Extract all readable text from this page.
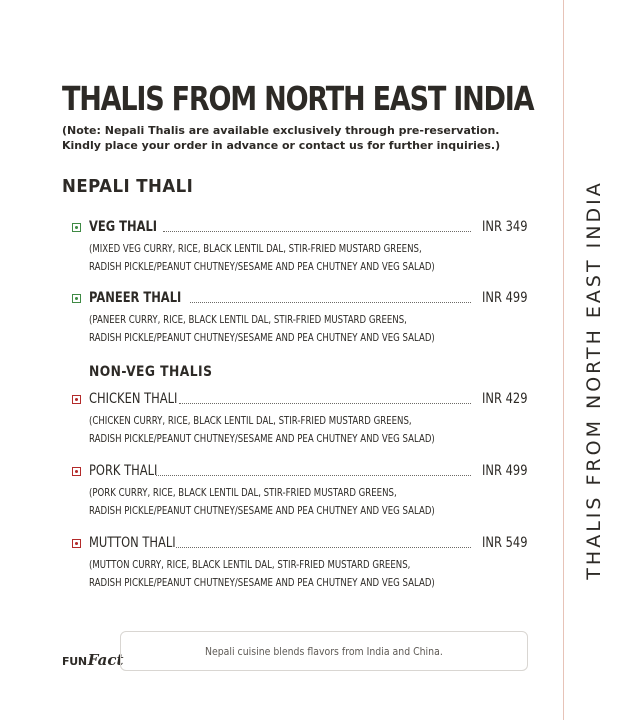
THALIS FROM NORTH EAST INDIA
THALIS FROM NORTH EAST INDIA
(Note: Nepali Thalis are available exclusively through pre-reservation. Kindly place your order in advance or contact us for further inquiries.)
NEPALI THALI
VEG THALI	INR 349
(MIXED VEG CURRY, RICE, BLACK LENTIL DAL, STIR-FRIED MUSTARD GREENS,
RADISH PICKLE/PEANUT CHUTNEY/SESAME AND PEA CHUTNEY AND VEG SALAD)
PANEER THALI	INR 499
(PANEER CURRY, RICE, BLACK LENTIL DAL, STIR-FRIED MUSTARD GREENS,
RADISH PICKLE/PEANUT CHUTNEY/SESAME AND PEA CHUTNEY AND VEG SALAD)
NON-VEG THALIS
CHICKEN THALI	INR 429
(CHICKEN CURRY, RICE, BLACK LENTIL DAL, STIR-FRIED MUSTARD GREENS,
RADISH PICKLE/PEANUT CHUTNEY/SESAME AND PEA CHUTNEY AND VEG SALAD)
PORK THALI	INR 499
(PORK CURRY, RICE, BLACK LENTIL DAL, STIR-FRIED MUSTARD GREENS,
RADISH PICKLE/PEANUT CHUTNEY/SESAME AND PEA CHUTNEY AND VEG SALAD)
MUTTON THALI	INR 549
(MUTTON CURRY, RICE, BLACK LENTIL DAL, STIR-FRIED MUSTARD GREENS,
RADISH PICKLE/PEANUT CHUTNEY/SESAME AND PEA CHUTNEY AND VEG SALAD)
FUNFact	Nepali cuisine blends flavors from India and China.
